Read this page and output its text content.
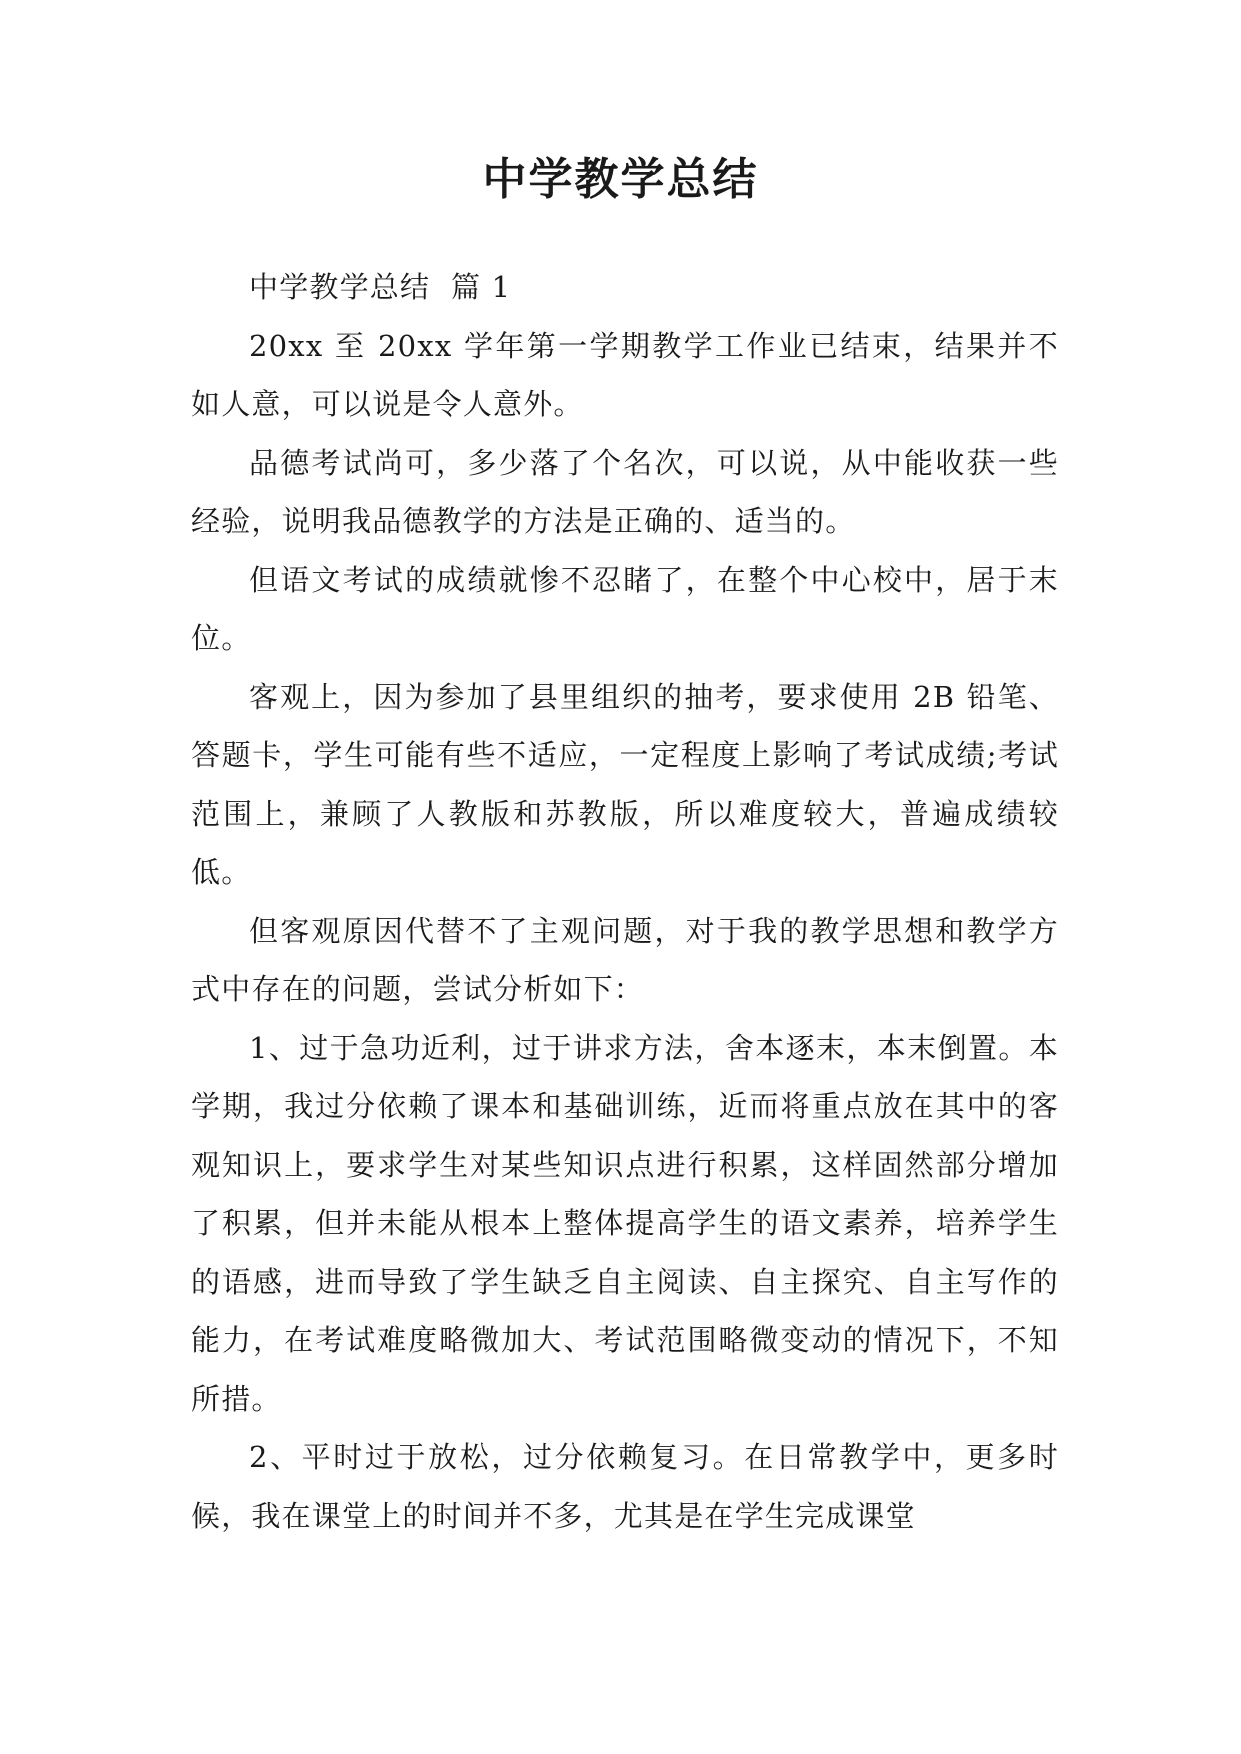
中学教学总结

中学教学总结  篇 1

20xx 至 20xx 学年第一学期教学工作业已结束，结果并不如人意，可以说是令人意外。

品德考试尚可，多少落了个名次，可以说，从中能收获一些经验，说明我品德教学的方法是正确的、适当的。

但语文考试的成绩就惨不忍睹了，在整个中心校中，居于末位。

客观上，因为参加了县里组织的抽考，要求使用 2B 铅笔、答题卡，学生可能有些不适应，一定程度上影响了考试成绩;考试范围上，兼顾了人教版和苏教版，所以难度较大，普遍成绩较低。

但客观原因代替不了主观问题，对于我的教学思想和教学方式中存在的问题，尝试分析如下：

1、过于急功近利，过于讲求方法，舍本逐末，本末倒置。本学期，我过分依赖了课本和基础训练，近而将重点放在其中的客观知识上，要求学生对某些知识点进行积累，这样固然部分增加了积累，但并未能从根本上整体提高学生的语文素养，培养学生的语感，进而导致了学生缺乏自主阅读、自主探究、自主写作的能力，在考试难度略微加大、考试范围略微变动的情况下，不知所措。

2、平时过于放松，过分依赖复习。在日常教学中，更多时候，我在课堂上的时间并不多，尤其是在学生完成课堂
